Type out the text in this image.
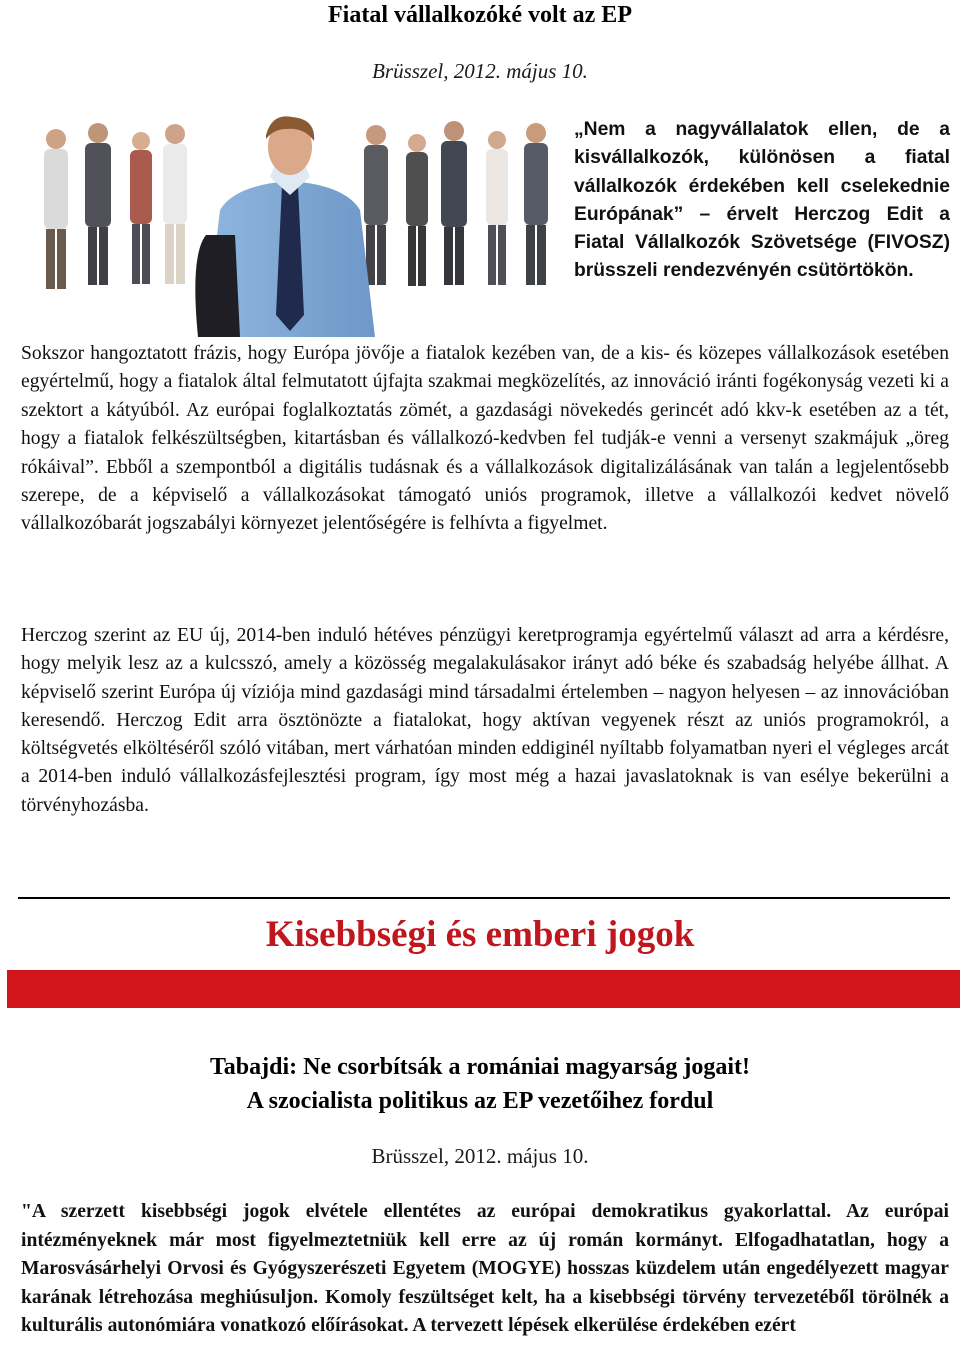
Fiatal vállalkozóké volt az EP
Brüsszel, 2012. május 10.
„Nem a nagyvállalatok ellen, de a kisvállalkozók, különösen a fiatal vállalkozók érdekében kell cselekednie Európának” – érvelt Herczog Edit a Fiatal Vállalkozók Szövetsége (FIVOSZ) brüsszeli rendezvényén csütörtökön.
Sokszor hangoztatott frázis, hogy Európa jövője a fiatalok kezében van, de a kis- és közepes vállalkozások esetében egyértelmű, hogy a fiatalok által felmutatott újfajta szakmai megközelítés, az innováció iránti fogékonyság vezeti ki a szektort a kátyúból. Az európai foglalkoztatás zömét, a gazdasági növekedés gerincét adó kkv-k esetében az a tét, hogy a fiatalok felkészültségben, kitartásban és vállalkozó-kedvben fel tudják-e venni a versenyt szakmájuk „öreg rókáival”. Ebből a szempontból a digitális tudásnak és a vállalkozások digitalizálásának van talán a legjelentősebb szerepe, de a képviselő a vállalkozásokat támogató uniós programok, illetve a vállalkozói kedvet növelő vállalkozóbarát jogszabályi környezet jelentőségére is felhívta a figyelmet.
Herczog szerint az EU új, 2014-ben induló hétéves pénzügyi keretprogramja egyértelmű választ ad arra a kérdésre, hogy melyik lesz az a kulcsszó, amely a közösség megalakulásakor irányt adó béke és szabadság helyébe állhat. A képviselő szerint Európa új víziója mind gazdasági mind társadalmi értelemben – nagyon helyesen – az innovációban keresendő. Herczog Edit arra ösztönözte a fiatalokat, hogy aktívan vegyenek részt az uniós programokról, a költségvetés elköltéséről szóló vitában, mert várhatóan minden eddiginél nyíltabb folyamatban nyeri el végleges arcát a 2014-ben induló vállalkozásfejlesztési program, így most még a hazai javaslatoknak is van esélye bekerülni a törvényhozásba.
Kisebbségi és emberi jogok
Tabajdi: Ne csorbítsák a romániai magyarság jogait!
A szocialista politikus az EP vezetőihez fordul
Brüsszel, 2012. május 10.
"A szerzett kisebbségi jogok elvétele ellentétes az európai demokratikus gyakorlattal. Az európai intézményeknek már most figyelmeztetniük kell erre az új román kormányt. Elfogadhatatlan, hogy a Marosvásárhelyi Orvosi és Gyógyszerészeti Egyetem (MOGYE) hosszas küzdelem után engedélyezett magyar karának létrehozása meghiúsuljon. Komoly feszültséget kelt, ha a kisebbségi törvény tervezetéből törölnék a kulturális autonómiára vonatkozó előírásokat. A tervezett lépések elkerülése érdekében ezért
